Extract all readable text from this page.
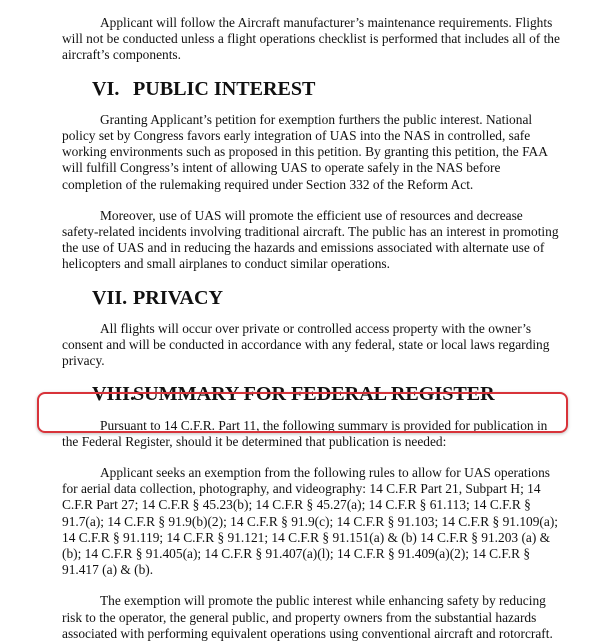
Applicant will follow the Aircraft manufacturer’s maintenance requirements. Flights will not be conducted unless a flight operations checklist is performed that includes all of the aircraft’s components.

VI. PUBLIC INTEREST

Granting Applicant’s petition for exemption furthers the public interest. National policy set by Congress favors early integration of UAS into the NAS in controlled, safe working environments such as proposed in this petition. By granting this petition, the FAA will fulfill Congress’s intent of allowing UAS to operate safely in the NAS before completion of the rulemaking required under Section 332 of the Reform Act.

Moreover, use of UAS will promote the efficient use of resources and decrease safety-related incidents involving traditional aircraft. The public has an interest in promoting the use of UAS and in reducing the hazards and emissions associated with alternate use of helicopters and small airplanes to conduct similar operations.

VII. PRIVACY

All flights will occur over private or controlled access property with the owner’s consent and will be conducted in accordance with any federal, state or local laws regarding privacy.

VIII.
SUMMARY FOR FEDERAL REGISTER

Pursuant to 14 C.F.R. Part 11, the following summary is provided for publication in the Federal Register, should it be determined that publication is needed:

Applicant seeks an exemption from the following rules to allow for UAS operations for aerial data collection, photography, and videography: 14 C.F.R Part 21, Subpart H; 14 C.F.R Part 27; 14 C.F.R § 45.23(b); 14 C.F.R § 45.27(a); 14 C.F.R § 61.113; 14 C.F.R § 91.7(a); 14 C.F.R § 91.9(b)(2); 14 C.F.R § 91.9(c); 14 C.F.R § 91.103; 14 C.F.R § 91.109(a); 14 C.F.R § 91.119; 14 C.F.R § 91.121; 14 C.F.R § 91.151(a) & (b) 14 C.F.R § 91.203 (a) & (b); 14 C.F.R § 91.405(a); 14 C.F.R § 91.407(a)(l); 14 C.F.R § 91.409(a)(2); 14 C.F.R § 91.417 (a) & (b).

The exemption will promote the public interest while enhancing safety by reducing risk to the operator, the general public, and property owners from the substantial hazards associated with performing equivalent operations using conventional aircraft and rotorcraft.
